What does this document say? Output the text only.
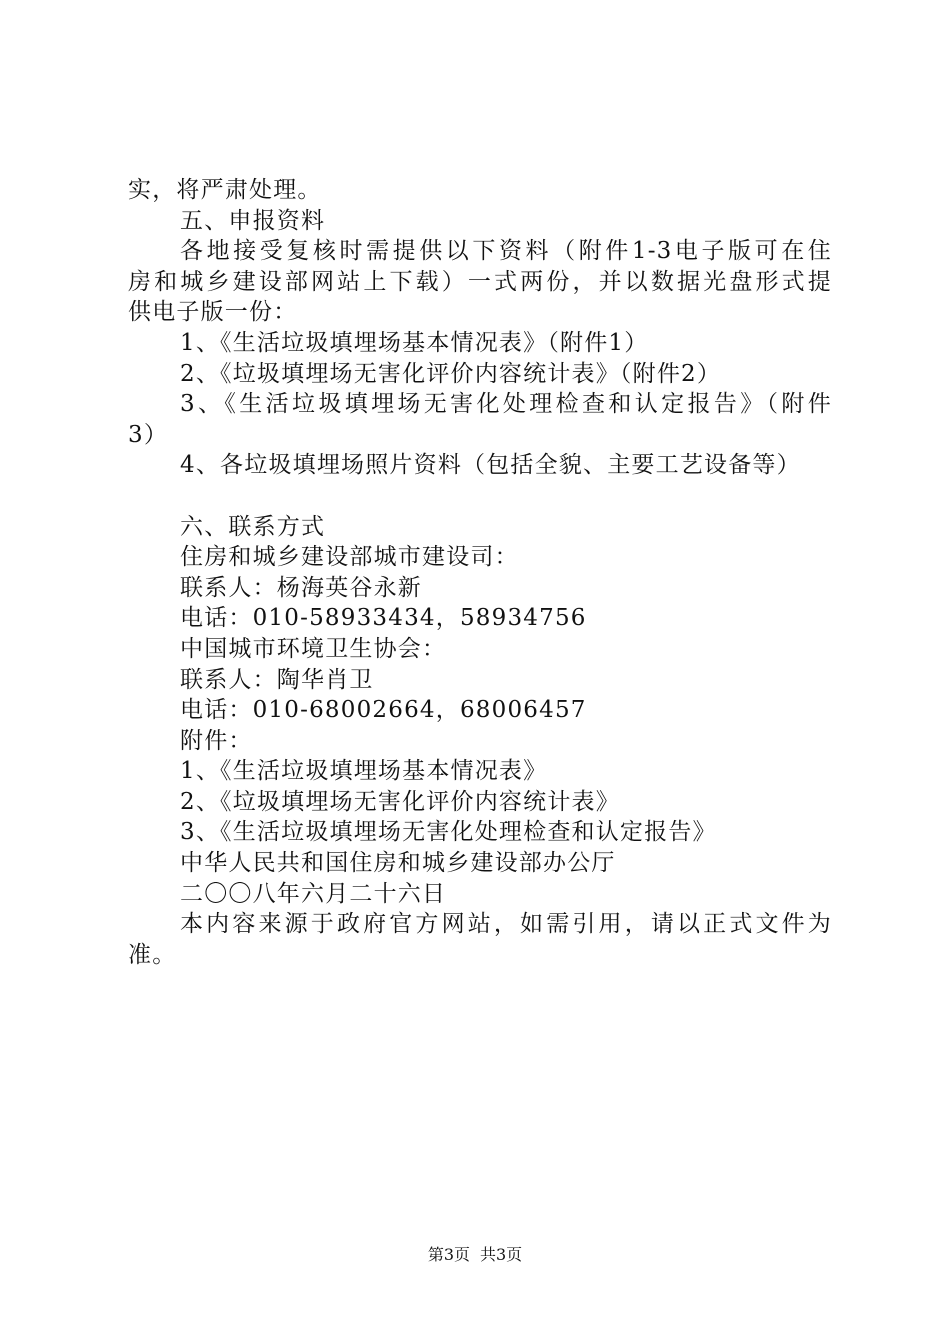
实，将严肃处理。
五、申报资料
各地接受复核时需提供以下资料（附件1-3电子版可在住
房和城乡建设部网站上下载）一式两份，并以数据光盘形式提
供电子版一份：
1、《生活垃圾填埋场基本情况表》（附件1）
2、《垃圾填埋场无害化评价内容统计表》（附件2）
3、《生活垃圾填埋场无害化处理检查和认定报告》（附件
3）
4、各垃圾填埋场照片资料（包括全貌、主要工艺设备等）
六、联系方式
住房和城乡建设部城市建设司：
联系人：杨海英谷永新
电话：010-58933434，58934756
中国城市环境卫生协会：
联系人：陶华肖卫
电话：010-68002664，68006457
附件：
1、《生活垃圾填埋场基本情况表》
2、《垃圾填埋场无害化评价内容统计表》
3、《生活垃圾填埋场无害化处理检查和认定报告》
中华人民共和国住房和城乡建设部办公厅
二〇〇八年六月二十六日
本内容来源于政府官方网站，如需引用，请以正式文件为
准。
第3页 共3页
